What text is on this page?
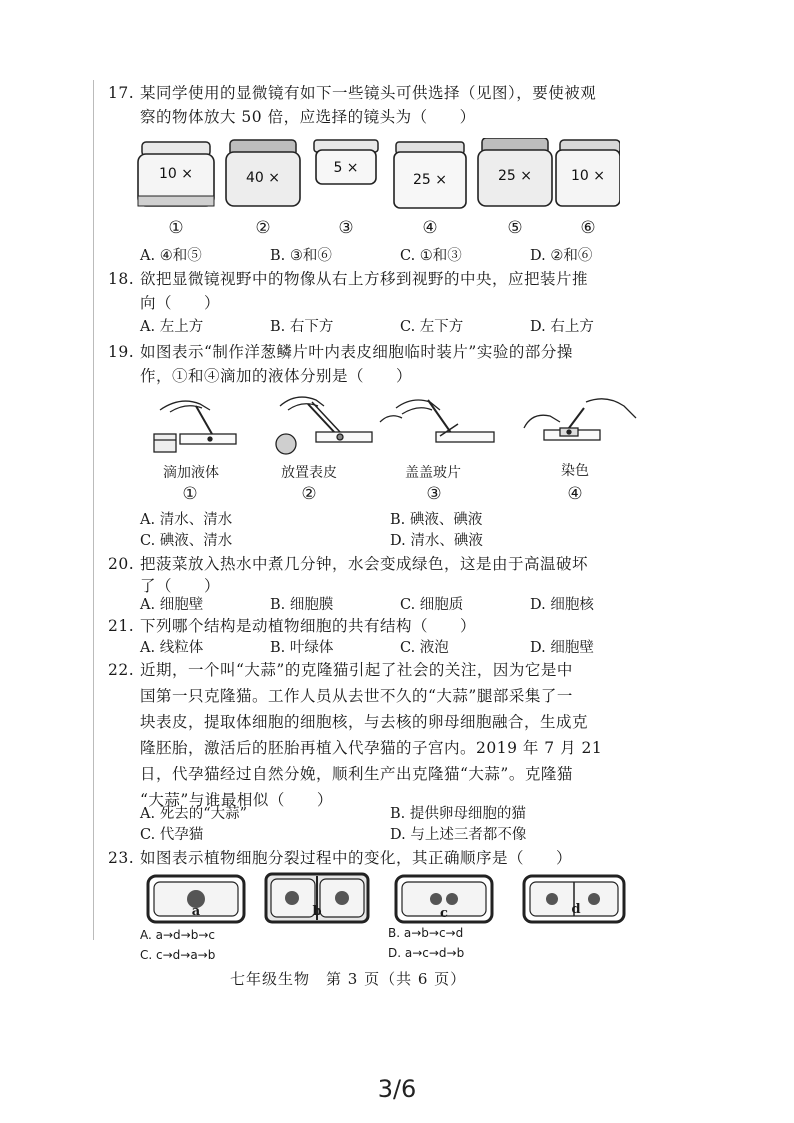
17. 某同学使用的显微镜有如下一些镜头可供选择（见图），要使被观
察的物体放大 50 倍，应选择的镜头为（　　）
10 ×	40 ×
5 ×
25 ×	25 ×	10 ×
①	②	③	④	⑤	⑥
A. ④和⑤	B. ③和⑥	C. ①和③	D. ②和⑥
18. 欲把显微镜视野中的物像从右上方移到视野的中央，应把装片推
向（　　）
A. 左上方	B. 右下方	C. 左下方	D. 右上方
19. 如图表示“制作洋葱鳞片叶内表皮细胞临时装片”实验的部分操
作，①和④滴加的液体分别是（　　）
滴加液体	放置表皮	盖盖玻片	染色
①	②	③	④
A. 清水、清水	B. 碘液、碘液
C. 碘液、清水	D. 清水、碘液
20. 把菠菜放入热水中煮几分钟，水会变成绿色，这是由于高温破坏
了（　　）
A. 细胞壁	B. 细胞膜	C. 细胞质	D. 细胞核
21. 下列哪个结构是动植物细胞的共有结构（　　）
A. 线粒体	B. 叶绿体	C. 液泡	D. 细胞壁
22. 近期，一个叫“大蒜”的克隆猫引起了社会的关注，因为它是中
国第一只克隆猫。工作人员从去世不久的“大蒜”腿部采集了一
块表皮，提取体细胞的细胞核，与去核的卵母细胞融合，生成克
隆胚胎，激活后的胚胎再植入代孕猫的子宫内。2019 年 7 月 21
日，代孕猫经过自然分娩，顺利生产出克隆猫“大蒜”。克隆猫
“大蒜”与谁最相似（　　）
A. 死去的“大蒜”	B. 提供卵母细胞的猫
C. 代孕猫	D. 与上述三者都不像
23. 如图表示植物细胞分裂过程中的变化，其正确顺序是（　　）
a	b	c	d
A. a→d→b→c	B. a→b→c→d
C. c→d→a→b	D. a→c→d→b
七年级生物　第 3 页（共 6 页）
3/6
